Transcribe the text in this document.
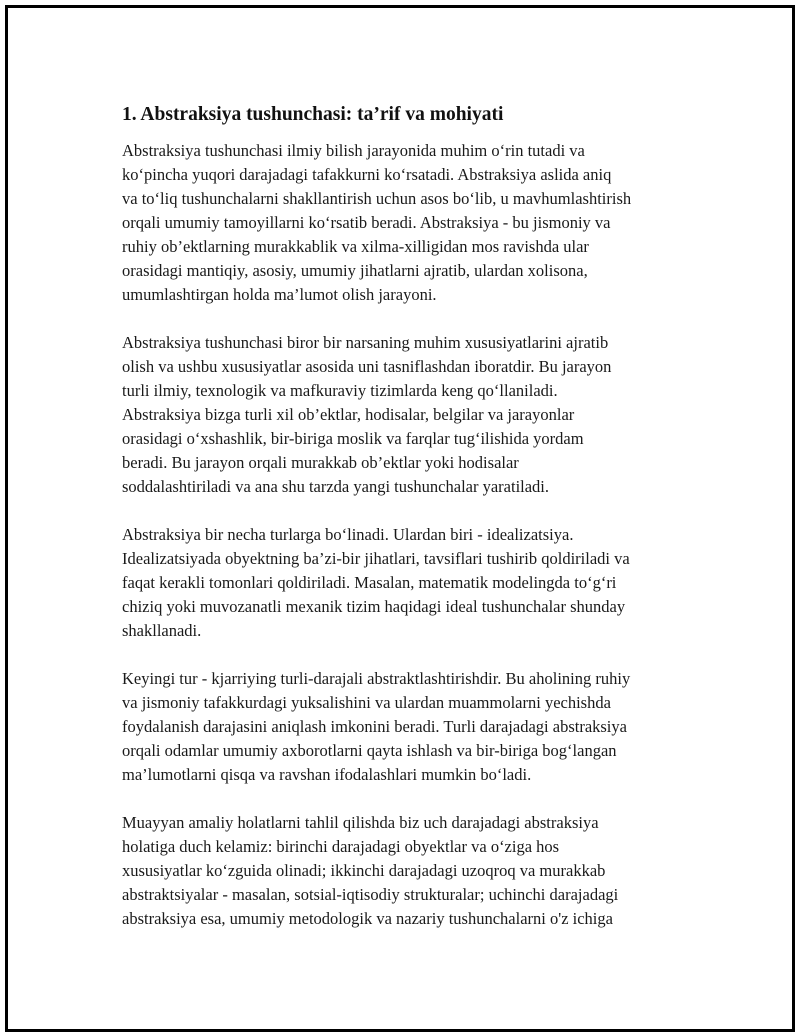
1. Abstraksiya tushunchasi: ta’rif va mohiyati

Abstraksiya tushunchasi ilmiy bilish jarayonida muhim o‘rin tutadi va
ko‘pincha yuqori darajadagi tafakkurni ko‘rsatadi. Abstraksiya aslida aniq
va to‘liq tushunchalarni shakllantirish uchun asos bo‘lib, u mavhumlashtirish
orqali umumiy tamoyillarni ko‘rsatib beradi. Abstraksiya - bu jismoniy va
ruhiy ob’ektlarning murakkablik va xilma-xilligidan mos ravishda ular
orasidagi mantiqiy, asosiy, umumiy jihatlarni ajratib, ulardan xolisona,
umumlashtirgan holda ma’lumot olish jarayoni.

Abstraksiya tushunchasi biror bir narsaning muhim xususiyatlarini ajratib
olish va ushbu xususiyatlar asosida uni tasniflashdan iboratdir. Bu jarayon
turli ilmiy, texnologik va mafkuraviy tizimlarda keng qo‘llaniladi.
Abstraksiya bizga turli xil ob’ektlar, hodisalar, belgilar va jarayonlar
orasidagi o‘xshashlik, bir-biriga moslik va farqlar tug‘ilishida yordam
beradi. Bu jarayon orqali murakkab ob’ektlar yoki hodisalar
soddalashtiriladi va ana shu tarzda yangi tushunchalar yaratiladi.

Abstraksiya bir necha turlarga bo‘linadi. Ulardan biri - idealizatsiya.
Idealizatsiyada obyektning ba’zi-bir jihatlari, tavsiflari tushirib qoldiriladi va
faqat kerakli tomonlari qoldiriladi. Masalan, matematik modelingda to‘g‘ri
chiziq yoki muvozanatli mexanik tizim haqidagi ideal tushunchalar shunday
shakllanadi.

Keyingi tur - kjarriying turli-darajali abstraktlashtirishdir. Bu aholining ruhiy
va jismoniy tafakkurdagi yuksalishini va ulardan muammolarni yechishda
foydalanish darajasini aniqlash imkonini beradi. Turli darajadagi abstraksiya
orqali odamlar umumiy axborotlarni qayta ishlash va bir-biriga bog‘langan
ma’lumotlarni qisqa va ravshan ifodalashlari mumkin bo‘ladi.

Muayyan amaliy holatlarni tahlil qilishda biz uch darajadagi abstraksiya
holatiga duch kelamiz: birinchi darajadagi obyektlar va o‘ziga hos
xususiyatlar ko‘zguida olinadi; ikkinchi darajadagi uzoqroq va murakkab
abstraktsiyalar - masalan, sotsial-iqtisodiy strukturalar; uchinchi darajadagi
abstraksiya esa, umumiy metodologik va nazariy tushunchalarni o'z ichiga
